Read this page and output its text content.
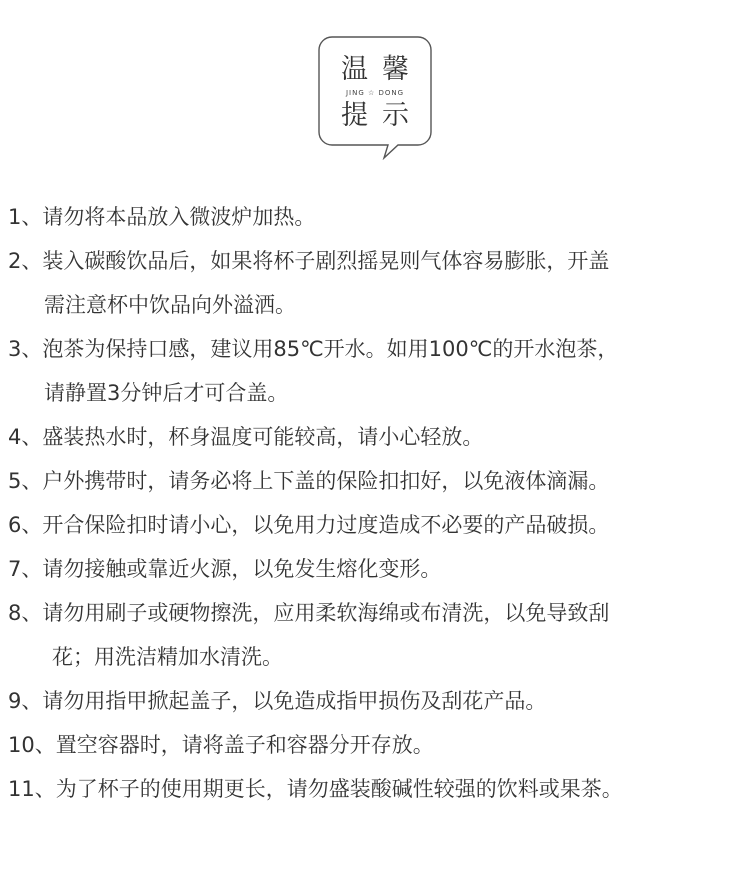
温馨
JING ☆ DONG
提示

1、请勿将本品放入微波炉加热。

2、装入碳酸饮品后，如果将杯子剧烈摇晃则气体容易膨胀，开盖
需注意杯中饮品向外溢洒。

3、泡茶为保持口感，建议用85℃开水。如用100℃的开水泡茶，
请静置3分钟后才可合盖。

4、盛装热水时，杯身温度可能较高，请小心轻放。

5、户外携带时，请务必将上下盖的保险扣扣好，以免液体滴漏。

6、开合保险扣时请小心，以免用力过度造成不必要的产品破损。

7、请勿接触或靠近火源，以免发生熔化变形。

8、请勿用刷子或硬物擦洗，应用柔软海绵或布清洗，以免导致刮
花；用洗洁精加水清洗。

9、请勿用指甲掀起盖子，以免造成指甲损伤及刮花产品。

10、置空容器时，请将盖子和容器分开存放。

11、为了杯子的使用期更长，请勿盛装酸碱性较强的饮料或果茶。
